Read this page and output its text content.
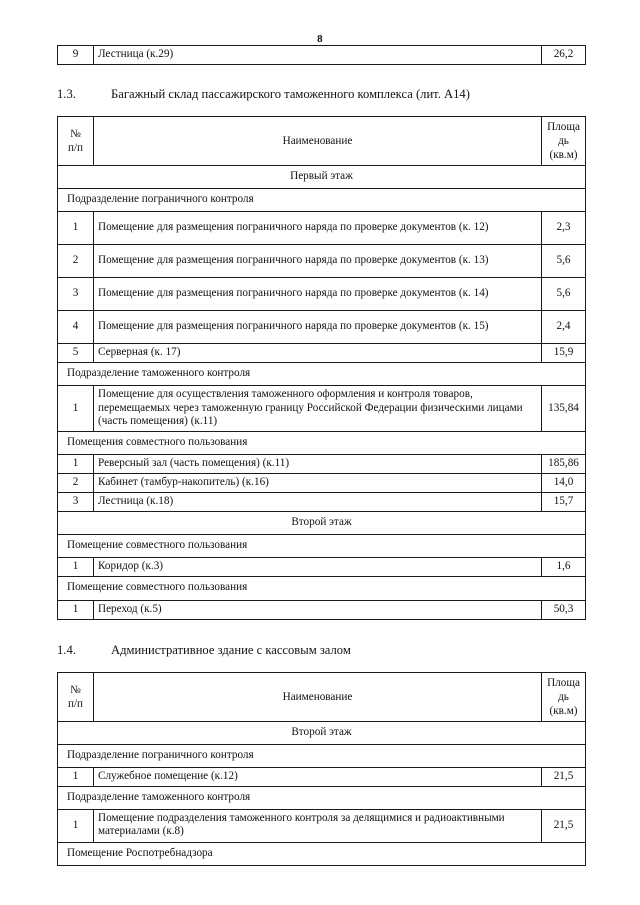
8
9	Лестница (к.29)	26,2
1.3.	Багажный склад пассажирского таможенного комплекса (лит. А14)
№
п/п	Наименование	Площадь
(кв.м)
Первый этаж		
Подразделение пограничного контроля		
1	Помещение для размещения пограничного наряда по проверке документов (к. 12)	2,3
2	Помещение для размещения пограничного наряда по проверке документов (к. 13)	5,6
3	Помещение для размещения пограничного наряда по проверке документов (к. 14)	5,6
4	Помещение для размещения пограничного наряда по проверке документов (к. 15)	2,4
5	Серверная (к. 17)	15,9
Подразделение таможенного контроля		
1	Помещение для осуществления таможенного оформления и контроля товаров, перемещаемых через таможенную границу Российской Федерации физическими лицами (часть помещения) (к.11)	135,84
Помещения совместного пользования		
1	Реверсный зал (часть помещения) (к.11)	185,86
2	Кабинет (тамбур-накопитель) (к.16)	14,0
3	Лестница (к.18)	15,7
Второй этаж		
Помещение совместного пользования		
1	Коридор (к.3)	1,6
Помещение совместного пользования		
1	Переход (к.5)	50,3
1.4.	Административное здание с кассовым залом
№
п/п	Наименование	Площадь
(кв.м)
Второй этаж		
Подразделение пограничного контроля		
1	Служебное помещение (к.12)	21,5
Подразделение таможенного контроля		
1	Помещение подразделения таможенного контроля за делящимися и радиоактивными материалами (к.8)	21,5
Помещение Роспотребнадзора		
